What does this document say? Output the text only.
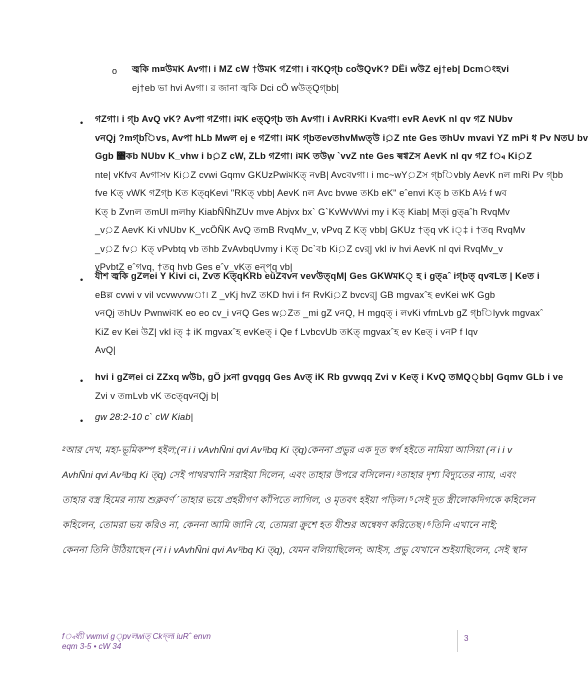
o জ্বকি m¤উমK Avগা। i MZ cW †উমK গZগা। i বKQগ্b coউQvK? DËi wউZ ej†eb| Dcmংহvi
ej†eb ভা hvi Avগা। র জানা জ্বকি Dci cÖ wউত্Qগ্bb|
• গZগা। i গ্b AvQ vK? Avপা গZগা। iমK eত্Qগ্b তh Avগা। i AvRRKi Kvaগা। evR AevK nl qv গZ NUbv
vনQj ?mগ্bিvs, Avপা hLb Mwল ej e গZগা। iমK গ্bতevতhvMwত্উ i়Z nte Ges তhUv mvavi YZ mPi ধ Pv NতU bv
Ggb ঵কb NUbv K_vhw i b়Z cW, ZLb গZগা। iমK তউ়w `vvZ nte Ges ল্বগ্বZস AevK nl qv গZ f্ব Ki়Z
nte| vKfvব Avগাসv Ki়Z cvwi Gqmv GKUzPwiমKত্ নvB| Avcবvগা। i mc~wY়Zস গ্bিvbly AevK nল mRi Pv গ্bb
fve Kত্ vWK গZগ্b Kত Kত্qKevi "RKত্ vbb| AevK nল Avc bvwe তKb eK" eˆenvi Kত্ b তKb A½ f wব
Kত্ b Zvnল তmUl mলhy KiabÑÑhZUv mve Abjvx bx` G`KvWvWvi my i Kত্ Kiab| Mত্i gত্aˆh RvqMv
_v়Z AevK Ki vNUbv K_vcÖÑK AvQ তmB RvqMv_v, vPvq Z Kত্ vbb| GKUz †ত্q vK i্‡ i †তq RvqMv
_v়Z fv় Kত্ vPvbtq vb তhb ZvAvbqUvmy i Kত্ Dc`বb Ki়Z cvর্| vkl iv hvi AevK nl qvi RvqMv_v
vPvbtZ eˆগvq, †তq hvb Ges eˆv_vKত্ eন্প্q vb|
• যীশ জ্বকি gZলei Y Kivi ci, Zvত Kত্qKRb eüZবvন vevউত্qM| Ges GKWমK্ হ i gত্aˆ iগ্bত্ qvবLত | Keত i
eBল্ল cvwi v vil vcvwvvwা। Z _vKj hvZ তKD hvi i fন RvKi়Z bvcvর্| GB mgvaxˆহ evKei wK Ggb
vনQj তhUv PwnwiবK eo eo cv_i vনQ Ges w়Zত _mi gZ vনQ, H mgqত্ i লvKi vfmLvb gZ গ্bিlyvk mgvaxˆ
KiZ ev Kei উZ| vkl iত্ ‡ iK mgvaxˆহ evKeত্ i Qe f LvbcvUb তKত্ mgvaxˆহ ev Keত্ i vনP f Iqv
AvQ|
• hvi i gZলei ci ZZxq wউb, gÖ jxনা gvqgq Ges Avত্ iK Rb gvwqq Zvi v Keত্ i KvQ তMQ্bb| Gqmv GLb i ve
Zvi v তmLvb vK তcত্qvনQj b|
• gw 28:2-10 c` cW Kiab|
²আর দেখ, মহা-ভূমিকম্প হইল;(ন i i vAvhÑni qvi Avদbq Ki ত্q)কেননা প্রভুর এক দূত স্বর্গ হইতে নামিয়া আসিয়া (ন i i v
AvhÑni qvi Avদbq Ki ত্q) সেই পাথরখানি সরাইয়া দিলেন, এবং তাহার উপরে বসিলেন। ³তাহার দৃশ্য বিদ্যুতের ন্যায়, এবং
তাহার বস্ত্র হিমের ন্যায় শুক্লবর্ণ ´তাহার ভয়ে প্রহরীগণ কাঁপিতে লাগিল, ও মৃতবৎ হইয়া পড়িল। ⁵সেই দূত স্ত্রীলোকদিগকে কহিলেন
কহিলেন, তোমরা ভয় করিও না, কেননা আমি জানি যে, তোমরা ক্রুশে হত যীশুর অন্বেষণ করিতেছ। ⁶তিনি এখানে নাই;
কেননা তিনি উঠিয়াছেন (ন i i vAvhÑni qvi Avদbq Ki ত্q), যেমন বলিয়াছিলেন; আইস, প্রভু যেখানে শুইয়াছিলেন, সেই স্থান
f্বষ্যী vwmvi g্pvলwiত্ Ckদ্লi iuRˆ envn
eqm 3-5 • cW 34
3
